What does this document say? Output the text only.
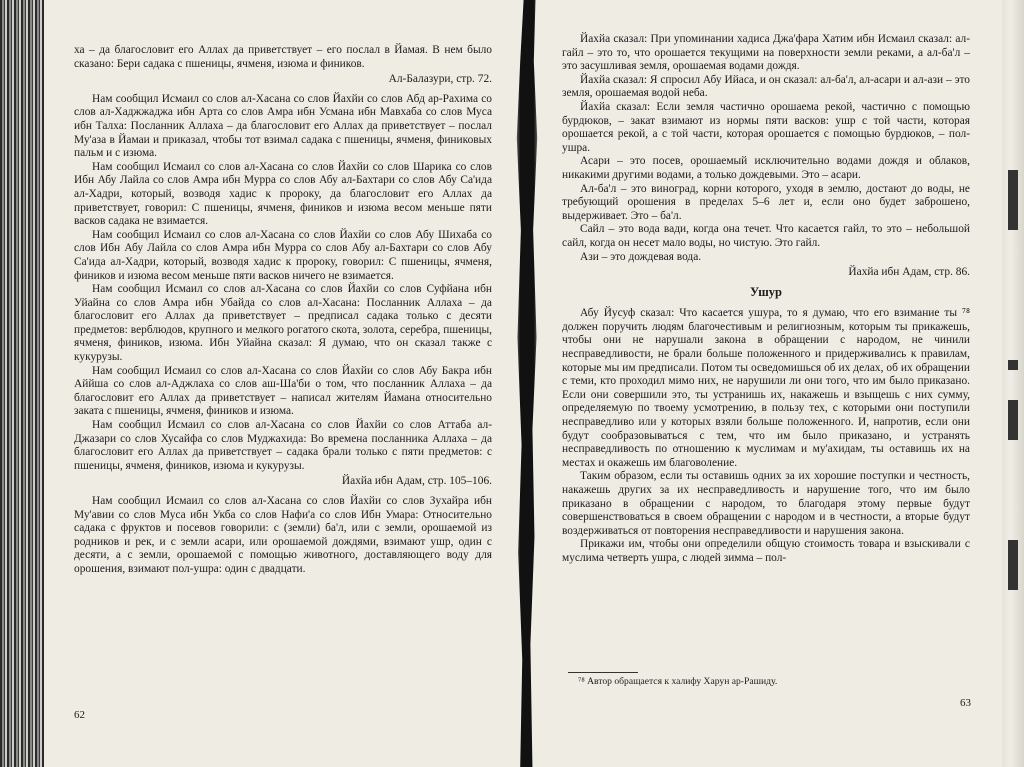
ха – да благословит его Аллах да приветствует – его послал в Йамая. В нем было сказано: Бери садака с пшеницы, ячменя, изюма и фиников.
Ал-Балазури, стр. 72.
Нам сообщил Исмаил со слов ал-Хасана со слов Йахйи со слов Абд ар-Рахима со слов ал-Хаджжаджа ибн Арта со слов Амра ибн Усмана ибн Мавхаба со слов Муса ибн Талха: Посланник Аллаха – да благословит его Аллах да приветствует – послал Му'аза в Йамаи и приказал, чтобы тот взимал садака с пшеницы, ячменя, финиковых пальм и с изюма.
Нам сообщил Исмаил со слов ал-Хасана со слов Йахйи со слов Шарика со слов Ибн Абу Лайла со слов Амра ибн Мурра со слов Абу ал-Бахтари со слов Абу Са'ида ал-Хадри, который, возводя хадис к пророку, да благословит его Аллах да приветствует, говорил: С пшеницы, ячменя, фиников и изюма весом меньше пяти васков садака не взимается.
Нам сообщил Исмаил со слов ал-Хасана со слов Йахйи со слов Абу Шихаба со слов Ибн Абу Лайла со слов Амра ибн Мурра со слов Абу ал-Бахтари со слов Абу Са'ида ал-Хадри, который, возводя хадис к пророку, говорил: С пшеницы, ячменя, фиников и изюма весом меньше пяти васков ничего не взимается.
Нам сообщил Исмаил со слов ал-Хасана со слов Йахйи со слов Суфйана ибн Уйайна со слов Амра ибн Убайда со слов ал-Хасана: Посланник Аллаха – да благословит его Аллах да приветствует – предписал садака только с десяти предметов: верблюдов, крупного и мелкого рогатого скота, золота, серебра, пшеницы, ячменя, фиников, изюма. Ибн Уйайна сказал: Я думаю, что он сказал также с кукурузы.
Нам сообщил Исмаил со слов ал-Хасана со слов Йахйи со слов Абу Бакра ибн Аййша со слов ал-Аджлаха со слов аш-Ша'би о том, что посланник Аллаха – да благословит его Аллах да приветствует – написал жителям Йамана относительно заката с пшеницы, ячменя, фиников и изюма.
Нам сообщил Исмаил со слов ал-Хасана со слов Йахйи со слов Аттаба ал-Джазари со слов Хусайфа со слов Муджахида: Во времена посланника Аллаха – да благословит его Аллах да приветствует – садака брали только с пяти предметов: с пшеницы, ячменя, фиников, изюма и кукурузы.
Йахйа ибн Адам, стр. 105–106.
Нам сообщил Исмаил со слов ал-Хасана со слов Йахйи со слов Зухайра ибн Му'авии со слов Муса ибн Укба со слов Нафи'а со слов Ибн Умара: Относительно садака с фруктов и посевов говорили: с (земли) ба'л, или с земли, орошаемой из родников и рек, и с земли асари, или орошаемой дождями, взимают ушр, один с десяти, а с земли, орошаемой с помощью животного, доставляющего воду для орошения, взимают пол-ушра: один с двадцати.
62
Йахйа сказал: При упоминании хадиса Джа'фара Хатим ибн Исмаил сказал: ал-гайл – это то, что орошается текущими на поверхности земли реками, а ал-ба'л – это засушливая земля, орошаемая водами дождя.
Йахйа сказал: Я спросил Абу Ийаса, и он сказал: ал-ба'л, ал-асари и ал-ази – это земля, орошаемая водой неба.
Йахйа сказал: Если земля частично орошаема рекой, частично с помощью бурдюков, – закат взимают из нормы пяти васков: ушр с той части, которая орошается рекой, а с той части, которая орошается с помощью бурдюков, – пол-ушра.
Асари – это посев, орошаемый исключительно водами дождя и облаков, никакими другими водами, а только дождевыми. Это – асари.
Ал-ба'л – это виноград, корни которого, уходя в землю, достают до воды, не требующий орошения в пределах 5–6 лет и, если оно будет заброшено, выдерживает. Это – ба'л.
Сайл – это вода вади, когда она течет. Что касается гайл, то это – небольшой сайл, когда он несет мало воды, но чистую. Это гайл.
Ази – это дождевая вода.
Йахйа ибн Адам, стр. 86.
Ушур
Абу Йусуф сказал: Что касается ушура, то я думаю, что его взимание ты ⁷⁸ должен поручить людям благочестивым и религиозным, которым ты прикажешь, чтобы они не нарушали закона в обращении с народом, не чинили несправедливости, не брали больше положенного и придерживались к правилам, которые мы им предписали. Потом ты осведомишься об их делах, об их обращении с теми, кто проходил мимо них, не нарушили ли они того, что им было приказано. Если они совершили это, ты устранишь их, накажешь и взыщешь с них сумму, определяемую по твоему усмотрению, в пользу тех, с которыми они поступили несправедливо или у которых взяли больше положенного. И, напротив, если они будут сообразовываться с тем, что им было приказано, и устранять несправедливость по отношению к муслимам и му'ахидам, ты оставишь их на местах и окажешь им благоволение.
Таким образом, если ты оставишь одних за их хорошие поступки и честность, накажешь других за их несправедливость и нарушение того, что им было приказано в обращении с народом, то благодаря этому первые будут совершенствоваться в своем обращении с народом и в честности, а вторые будут воздерживаться от повторения несправедливости и нарушения закона.
Прикажи им, чтобы они определили общую стоимость товара и взыскивали с муслима четверть ушра, с людей зимма – пол-
⁷⁸ Автор обращается к халифу Харун ар-Рашиду.
63
